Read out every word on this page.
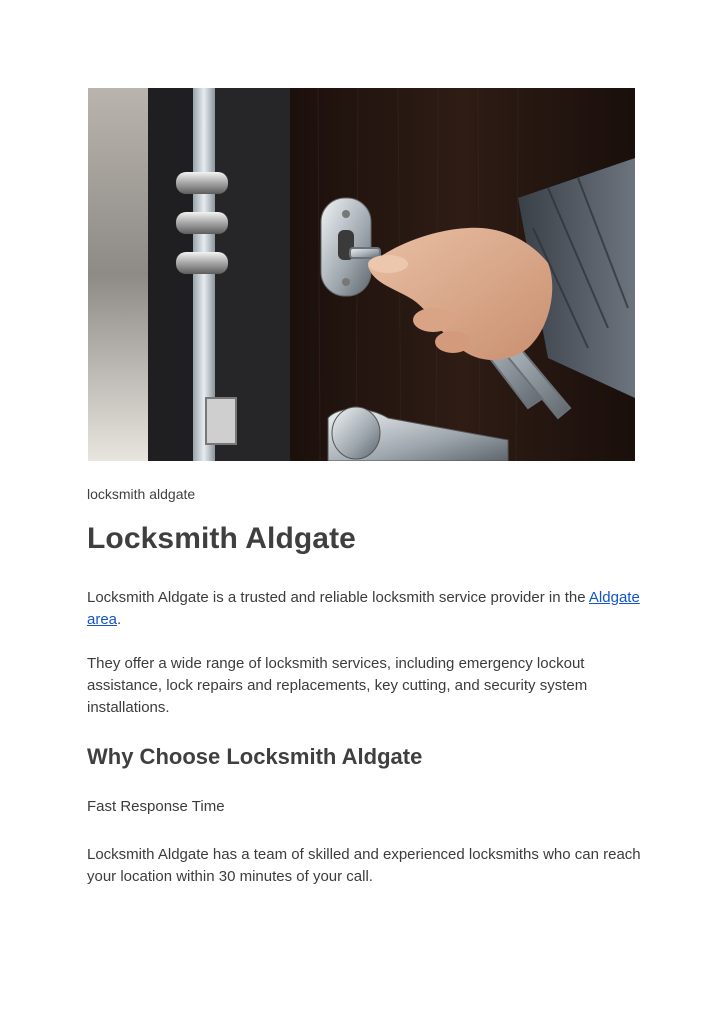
locksmith aldgate

Locksmith Aldgate

Locksmith Aldgate is a trusted and reliable locksmith service provider in the Aldgate area.

They offer a wide range of locksmith services, including emergency lockout assistance, lock repairs and replacements, key cutting, and security system installations.

Why Choose Locksmith Aldgate

Fast Response Time

Locksmith Aldgate has a team of skilled and experienced locksmiths who can reach your location within 30 minutes of your call.
